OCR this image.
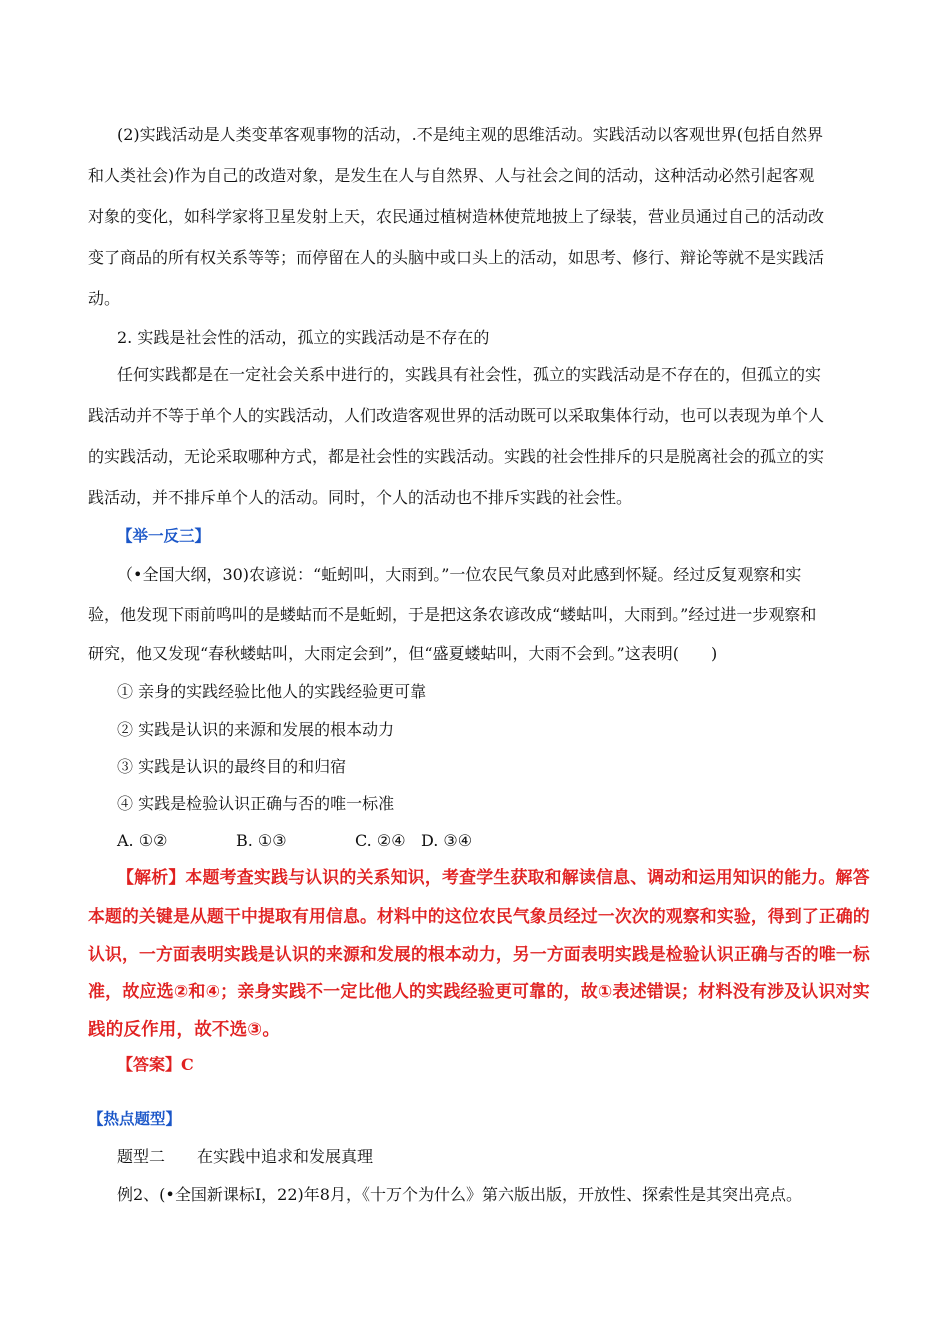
(2)实践活动是人类变革客观事物的活动，.不是纯主观的思维活动。实践活动以客观世界(包括自然界
和人类社会)作为自己的改造对象，是发生在人与自然界、人与社会之间的活动，这种活动必然引起客观
对象的变化，如科学家将卫星发射上天，农民通过植树造林使荒地披上了绿装，营业员通过自己的活动改
变了商品的所有权关系等等；而停留在人的头脑中或口头上的活动，如思考、修行、辩论等就不是实践活
动。
2. 实践是社会性的活动，孤立的实践活动是不存在的
任何实践都是在一定社会关系中进行的，实践具有社会性，孤立的实践活动是不存在的，但孤立的实
践活动并不等于单个人的实践活动，人们改造客观世界的活动既可以采取集体行动，也可以表现为单个人
的实践活动，无论采取哪种方式，都是社会性的实践活动。实践的社会性排斥的只是脱离社会的孤立的实
践活动，并不排斥单个人的活动。同时，个人的活动也不排斥实践的社会性。
【举一反三】
（•全国大纲，30)农谚说：“蚯蚓叫，大雨到。”一位农民气象员对此感到怀疑。经过反复观察和实
验，他发现下雨前鸣叫的是蝼蛄而不是蚯蚓，于是把这条农谚改成“蝼蛄叫，大雨到。”经过进一步观察和
研究，他又发现“春秋蝼蛄叫，大雨定会到”，但“盛夏蝼蛄叫，大雨不会到。”这表明(　　)
① 亲身的实践经验比他人的实践经验更可靠
② 实践是认识的来源和发展的根本动力
③ 实践是认识的最终目的和归宿
④ 实践是检验认识正确与否的唯一标准
A. ①②	B. ①③	C. ②④ D. ③④
【解析】本题考查实践与认识的关系知识，考查学生获取和解读信息、调动和运用知识的能力。解答
本题的关键是从题干中提取有用信息。材料中的这位农民气象员经过一次次的观察和实验，得到了正确的
认识，一方面表明实践是认识的来源和发展的根本动力，另一方面表明实践是检验认识正确与否的唯一标
准，故应选②和④；亲身实践不一定比他人的实践经验更可靠的，故①表述错误；材料没有涉及认识对实
践的反作用，故不选③。
【答案】C
【热点题型】
题型二　　在实践中追求和发展真理
例2、(•全国新课标Ⅰ，22)年8月，《十万个为什么》第六版出版，开放性、探索性是其突出亮点。
